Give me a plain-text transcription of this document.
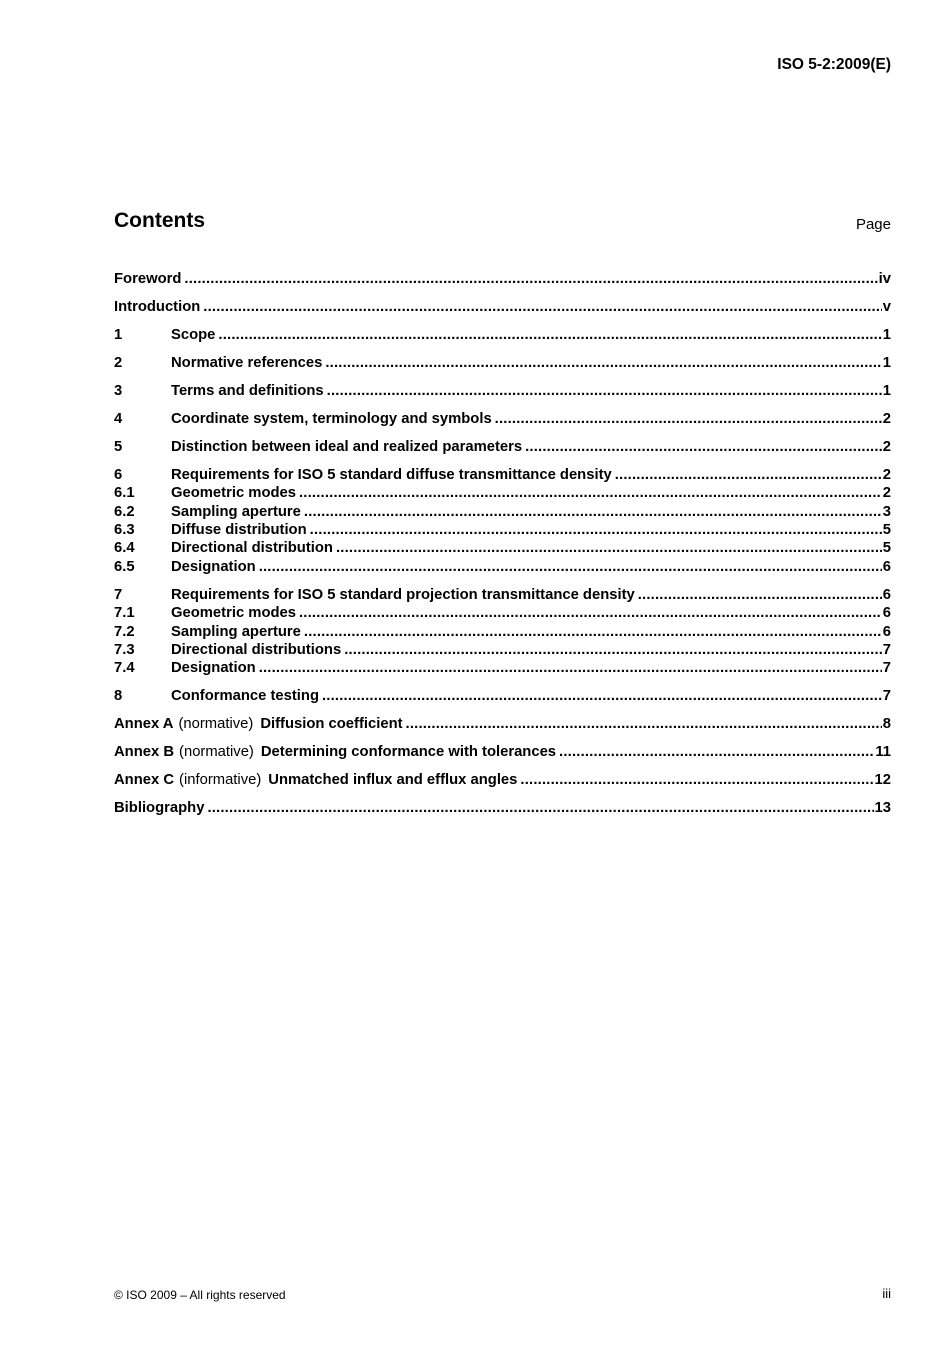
ISO 5-2:2009(E)
Contents	Page
Foreword .....	iv
Introduction .....	v
1	Scope .....	1
2	Normative references .....	1
3	Terms and definitions .....	1
4	Coordinate system, terminology and symbols .....	2
5	Distinction between ideal and realized parameters .....	2
6	Requirements for ISO 5 standard diffuse transmittance density .....	2
6.1	Geometric modes .....	2
6.2	Sampling aperture .....	3
6.3	Diffuse distribution .....	5
6.4	Directional distribution .....	5
6.5	Designation .....	6
7	Requirements for ISO 5 standard projection transmittance density .....	6
7.1	Geometric modes .....	6
7.2	Sampling aperture .....	6
7.3	Directional distributions .....	7
7.4	Designation .....	7
8	Conformance testing .....	7
Annex A (normative) Diffusion coefficient .....	8
Annex B (normative) Determining conformance with tolerances .....	11
Annex C (informative) Unmatched influx and efflux angles .....	12
Bibliography .....	13
© ISO 2009 – All rights reserved	iii
